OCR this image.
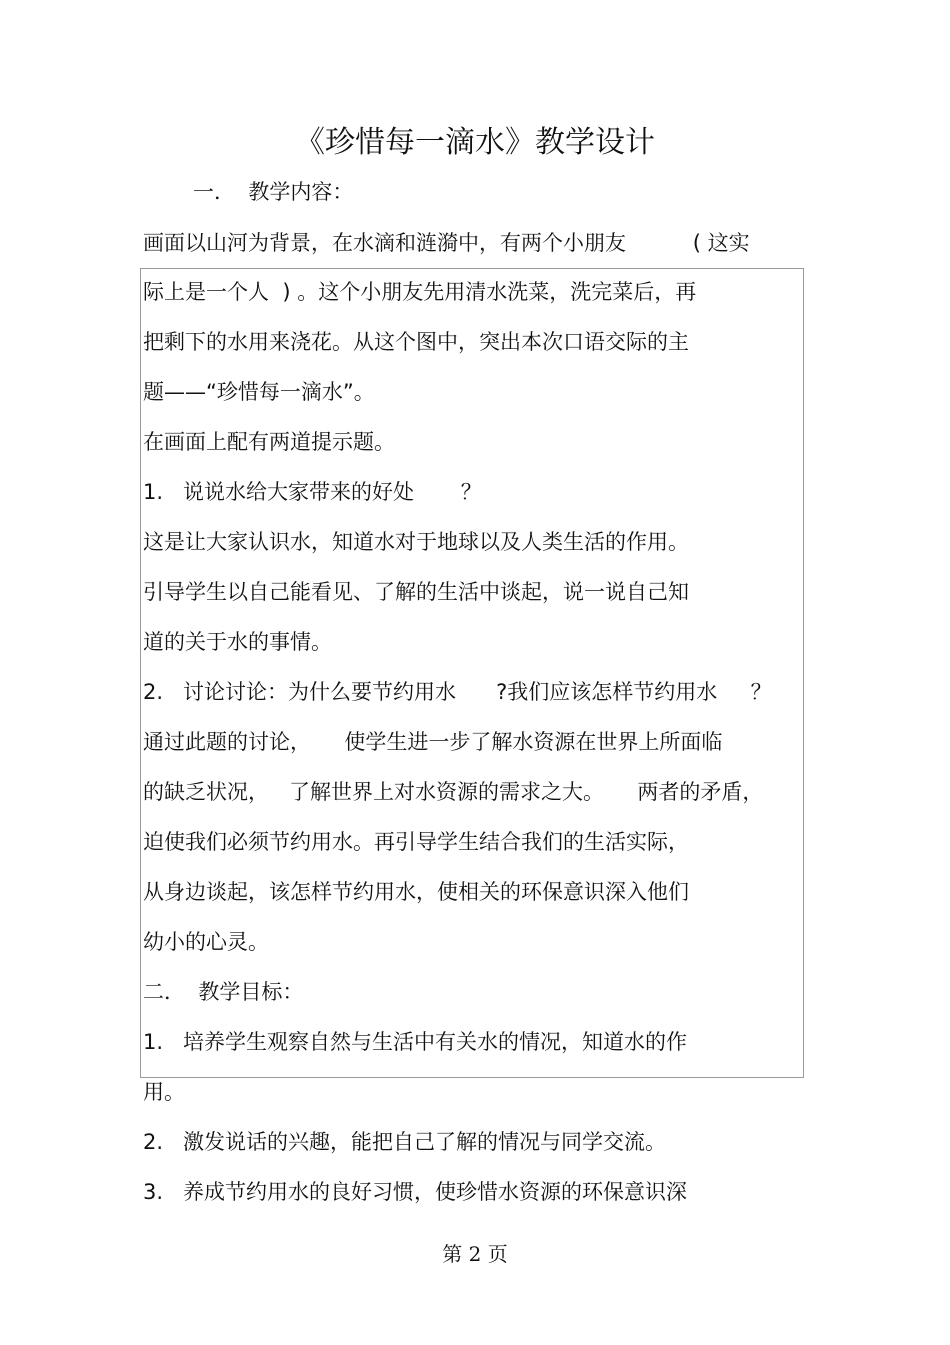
《珍惜每一滴水》教学设计
一．  教学内容：
画面以山河为背景，在水滴和涟漪中，有两个小朋友          ( 这实
际上是一个人  ) 。这个小朋友先用清水洗菜，洗完菜后，再
把剩下的水用来浇花。从这个图中，突出本次口语交际的主
题——“珍惜每一滴水”。
在画面上配有两道提示题。
1.   说说水给大家带来的好处       ？
这是让大家认识水，知道水对于地球以及人类生活的作用。
引导学生以自己能看见、了解的生活中谈起，说一说自己知
道的关于水的事情。
2.   讨论讨论：为什么要节约用水      ?我们应该怎样节约用水     ？
通过此题的讨论，     使学生进一步了解水资源在世界上所面临
的缺乏状况，   了解世界上对水资源的需求之大。     两者的矛盾，
迫使我们必须节约用水。再引导学生结合我们的生活实际，
从身边谈起，该怎样节约用水，使相关的环保意识深入他们
幼小的心灵。
二．  教学目标：
1.   培养学生观察自然与生活中有关水的情况，知道水的作
用。
2.   激发说话的兴趣，能把自己了解的情况与同学交流。
3.   养成节约用水的良好习惯，使珍惜水资源的环保意识深
第 2 页
